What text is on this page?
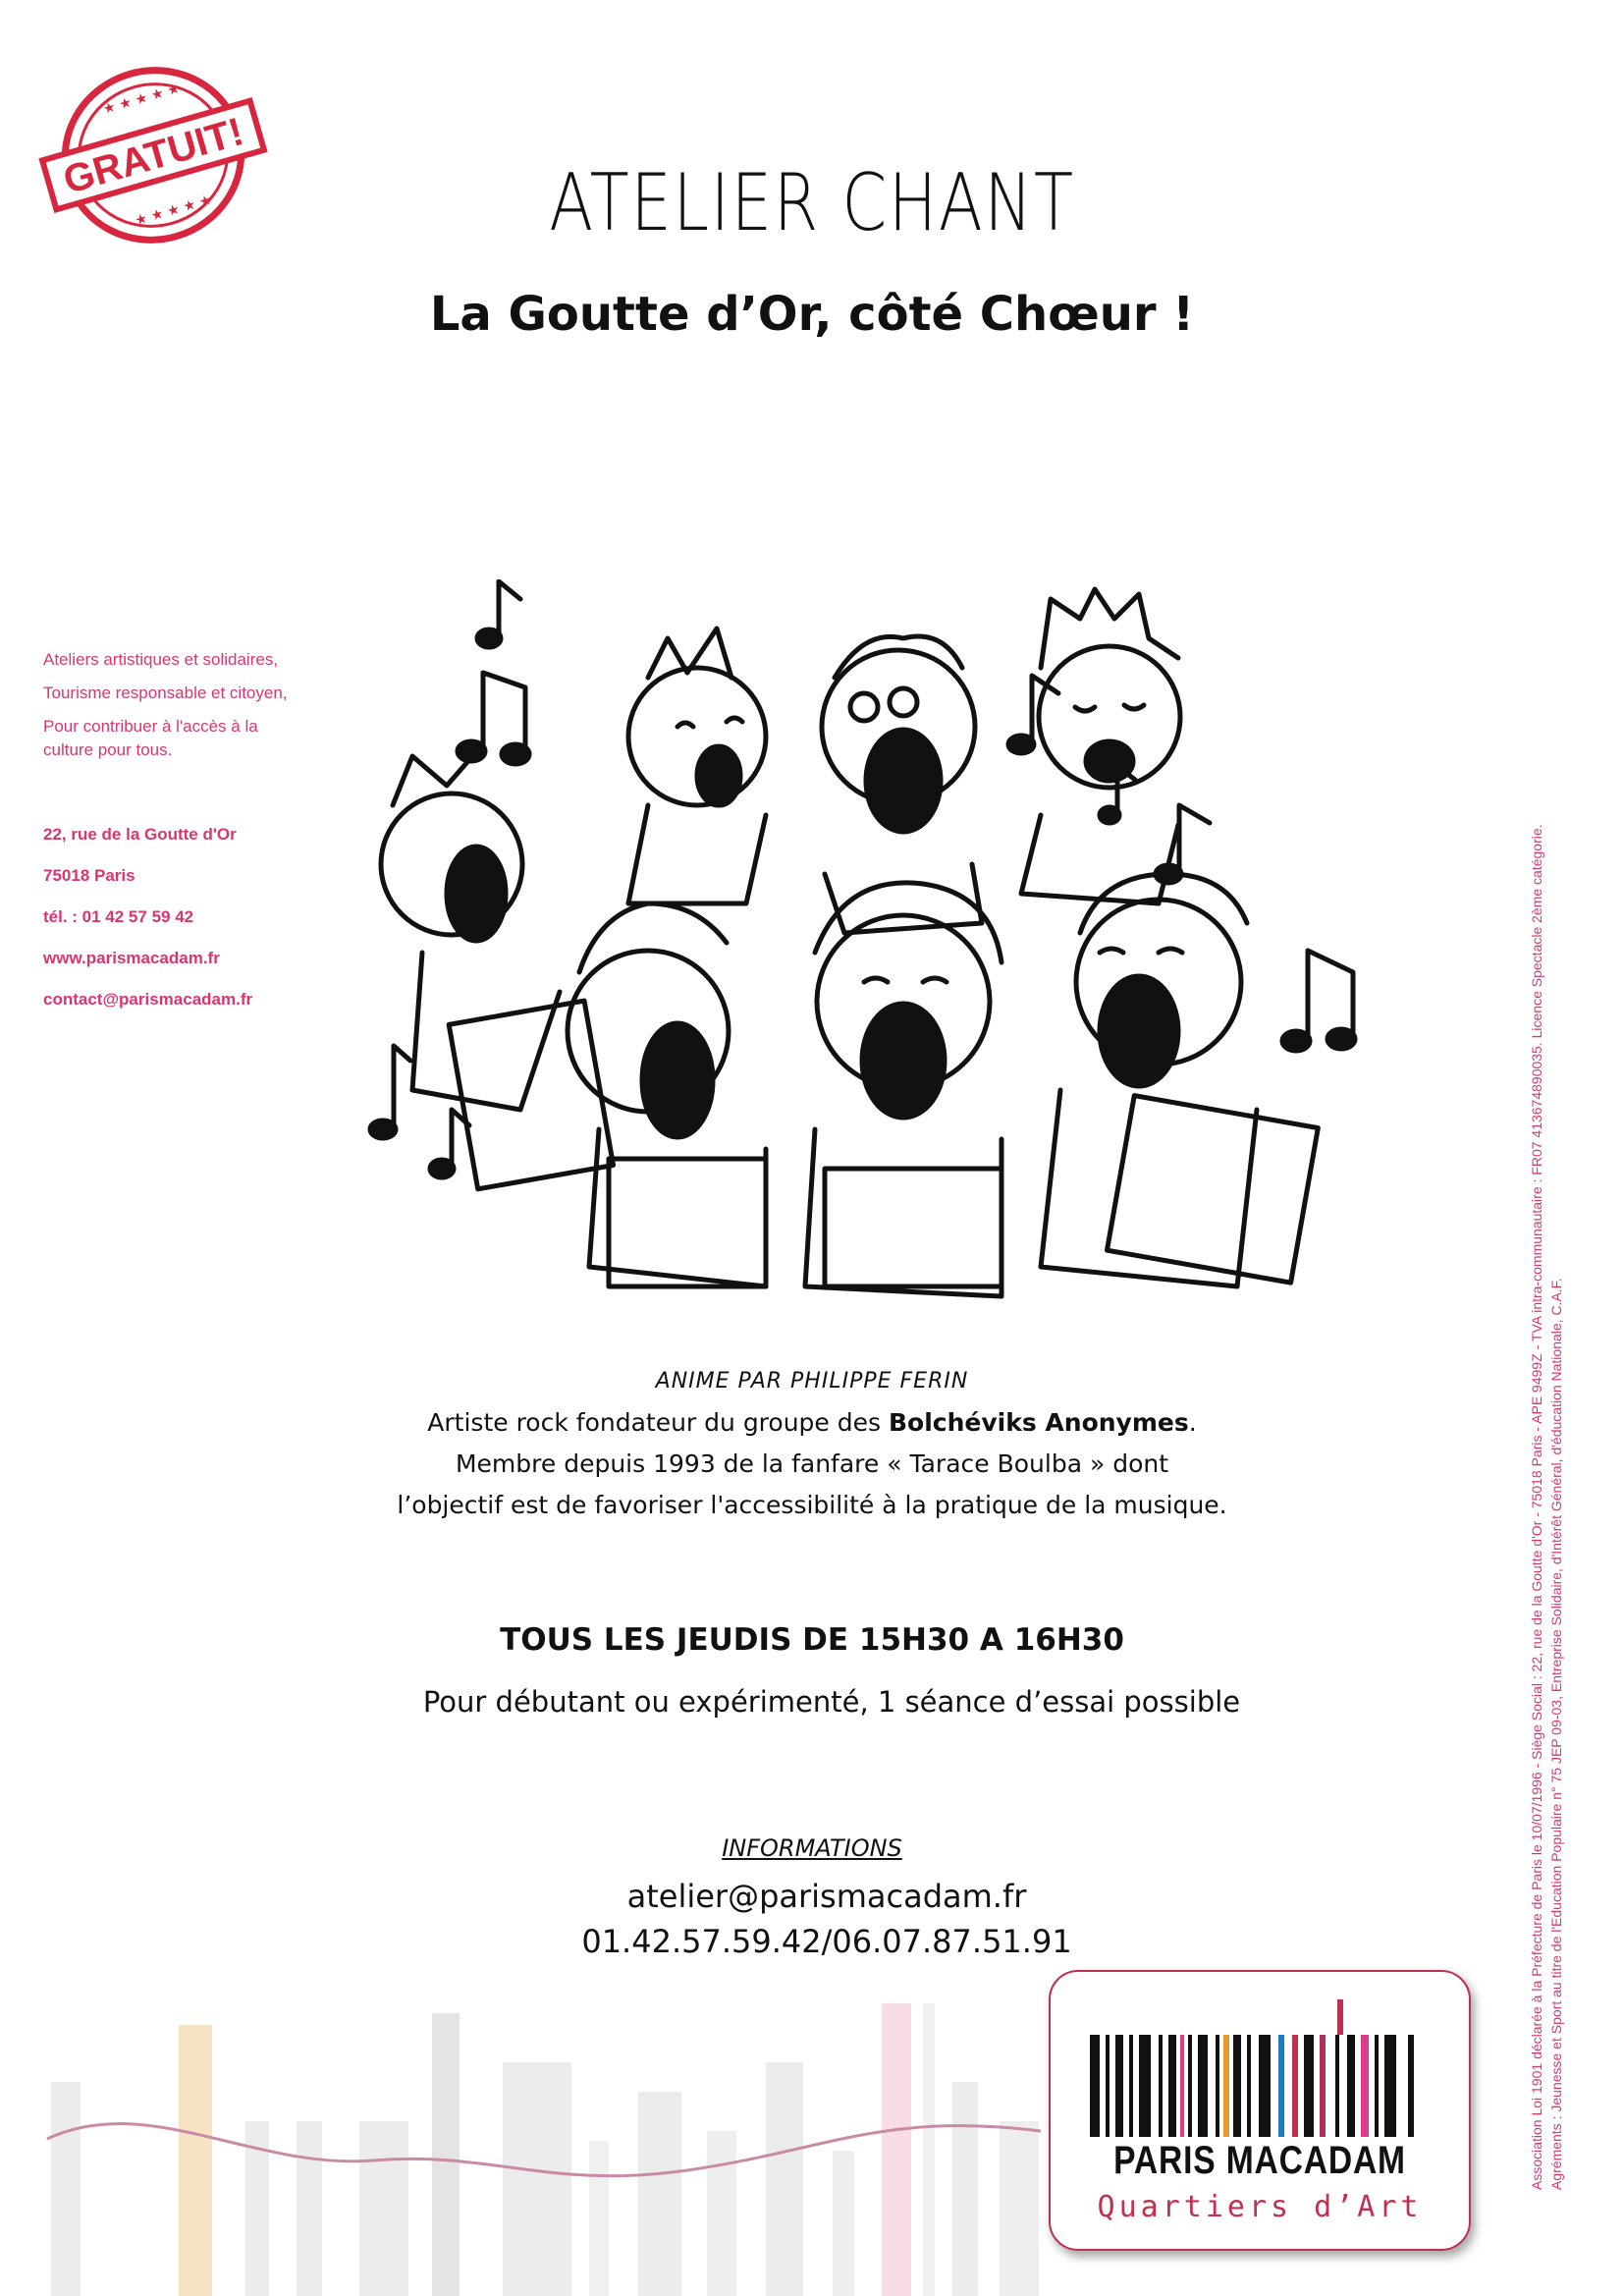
★ ★ ★ ★ ★
★ ★ ★ ★ ★
GRATUIT!
ATELIER CHANT
La Goutte d’Or, côté Chœur !
Ateliers artistiques et solidaires,
Tourisme responsable et citoyen,
Pour contribuer à l'accès à la culture pour tous.
22, rue de la Goutte d'Or
75018 Paris
tél. : 01 42 57 59 42
www.parismacadam.fr
contact@parismacadam.fr
ANIME PAR PHILIPPE FERIN
Artiste rock fondateur du groupe des Bolchéviks Anonymes.
Membre depuis 1993 de la fanfare « Tarace Boulba » dont
l’objectif est de favoriser l'accessibilité à la pratique de la musique.
TOUS LES JEUDIS DE 15H30 A 16H30
Pour débutant ou expérimenté, 1 séance d’essai possible
INFORMATIONS
atelier@parismacadam.fr
01.42.57.59.42/06.07.87.51.91	Association Loi 1901 déclarée à la Préfecture de Paris le 10/07/1996 - Siège Social : 22, rue de la Goutte d'Or - 75018 Paris - APE 9499Z - TVA intra-communautaire : FR07 413674890035. Licence Spectacle 2ème catégorie. Agréments : Jeunesse et Sport au titre de l'Education Populaire n° 75 JEP 09-03, Entreprise Solidaire, d'Intérêt Général, d'éducation Nationale, C.A.F.
PARIS MACADAM
Quartiers d’Art
